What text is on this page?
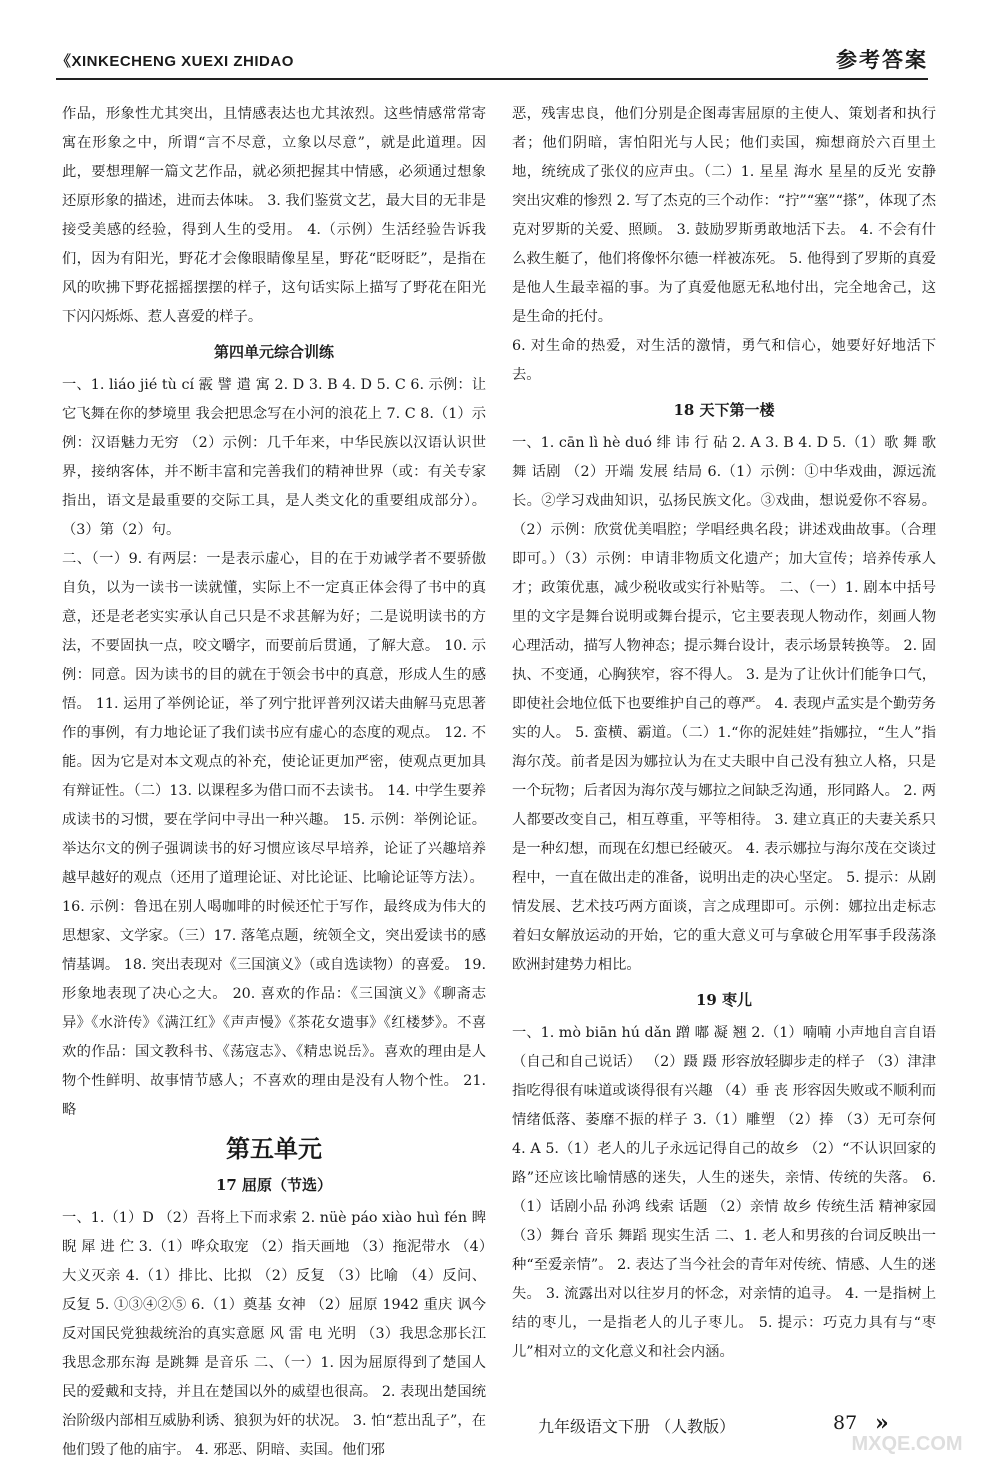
《XINKECHENG XUEXI ZHIDAO	参考答案

作品，形象性尤其突出，且情感表达也尤其浓烈。这些情感常常寄寓在形象之中，所谓“言不尽意，立象以尽意”，就是此道理。因此，要想理解一篇文艺作品，就必须把握其中情感，必须通过想象还原形象的描述，进而去体味。 3. 我们鉴赏文艺，最大目的无非是接受美感的经验，得到人生的受用。 4.（示例）生活经验告诉我们，因为有阳光，野花才会像眼睛像星星，野花“眨呀眨”，是指在风的吹拂下野花摇摇摆摆的样子，这句话实际上描写了野花在阳光下闪闪烁烁、惹人喜爱的样子。

第四单元综合训练

一、1. liáo jié tù cí 霰 譬 遣 寓 2. D 3. B 4. D 5. C 6. 示例：让它飞舞在你的梦境里 我会把思念写在小河的浪花上 7. C 8.（1）示例：汉语魅力无穷 （2）示例：几千年来，中华民族以汉语认识世界，接纳客体，并不断丰富和完善我们的精神世界（或：有关专家指出，语文是最重要的交际工具，是人类文化的重要组成部分）。（3）第（2）句。

二、（一）9. 有两层：一是表示虚心，目的在于劝诫学者不要骄傲自负，以为一读书一读就懂，实际上不一定真正体会得了书中的真意，还是老老实实承认自己只是不求甚解为好；二是说明读书的方法，不要固执一点，咬文嚼字，而要前后贯通，了解大意。 10. 示例：同意。因为读书的目的就在于领会书中的真意，形成人生的感悟。 11. 运用了举例论证，举了列宁批评普列汉诺夫曲解马克思著作的事例，有力地论证了我们读书应有虚心的态度的观点。 12. 不能。因为它是对本文观点的补充，使论证更加严密，使观点更加具有辩证性。（二）13. 以课程多为借口而不去读书。 14. 中学生要养成读书的习惯，要在学问中寻出一种兴趣。 15. 示例：举例论证。举达尔文的例子强调读书的好习惯应该尽早培养，论证了兴趣培养越早越好的观点（还用了道理论证、对比论证、比喻论证等方法）。

16. 示例：鲁迅在别人喝咖啡的时候还忙于写作，最终成为伟大的思想家、文学家。（三）17. 落笔点题，统领全文，突出爱读书的感情基调。 18. 突出表现对《三国演义》（或自选读物）的喜爱。 19. 形象地表现了决心之大。 20. 喜欢的作品：《三国演义》《聊斋志异》《水浒传》《满江红》《声声慢》《茶花女遗事》《红楼梦》。不喜欢的作品：国文教科书、《荡寇志》、《精忠说岳》。喜欢的理由是人物个性鲜明、故事情节感人；不喜欢的理由是没有人物个性。 21. 略

第五单元
17 屈原（节选）

一、1.（1）D （2）吾将上下而求索 2. nüè páo xiào huì fén 睥睨 犀 进 伫 3.（1）哗众取宠 （2）指天画地 （3）拖泥带水 （4）大义灭亲 4.（1）排比、比拟 （2）反复 （3）比喻 （4）反问、反复 5. ①③④②⑤ 6.（1）奠基 女神 （2）屈原 1942 重庆 讽今 反对国民党独裁统治的真实意愿 风 雷 电 光明 （3）我思念那长江 我思念那东海 是跳舞 是音乐 二、（一）1. 因为屈原得到了楚国人民的爱戴和支持，并且在楚国以外的威望也很高。 2. 表现出楚国统治阶级内部相互威胁利诱、狼狈为奸的状况。 3. 怕“惹出乱子”，在他们毁了他的庙宇。 4. 邪恶、阴暗、卖国。他们邪

恶，残害忠良，他们分别是企图毒害屈原的主使人、策划者和执行者；他们阴暗，害怕阳光与人民；他们卖国，痴想商於六百里土地，统统成了张仪的应声虫。（二）1. 星星 海水 星星的反光 安静 突出灾难的惨烈 2. 写了杰克的三个动作：“拧”“塞”“搽”，体现了杰克对罗斯的关爱、照顾。 3. 鼓励罗斯勇敢地活下去。 4. 不会有什么救生艇了，他们将像怀尔德一样被冻死。 5. 他得到了罗斯的真爱是他人生最幸福的事。为了真爱他愿无私地付出，完全地舍己，这是生命的托付。

6. 对生命的热爱，对生活的激情，勇气和信心，她要好好地活下去。

18 天下第一楼

一、1. cān lì hè duó 绯 讳 行 砧 2. A 3. B 4. D 5.（1）歌 舞 歌舞 话剧 （2）开端 发展 结局 6.（1）示例：①中华戏曲，源远流长。②学习戏曲知识，弘扬民族文化。③戏曲，想说爱你不容易。（2）示例：欣赏优美唱腔；学唱经典名段；讲述戏曲故事。（合理即可。）（3）示例：申请非物质文化遗产；加大宣传；培养传承人才；政策优惠，减少税收或实行补贴等。 二、（一）1. 剧本中括号里的文字是舞台说明或舞台提示，它主要表现人物动作，刻画人物心理活动，描写人物神态；提示舞台设计，表示场景转换等。 2. 固执、不变通，心胸狭窄，容不得人。 3. 是为了让伙计们能争口气，即使社会地位低下也要维护自己的尊严。 4. 表现卢孟实是个勤劳务实的人。 5. 蛮横、霸道。（二）1.“你的泥娃娃”指娜拉，“生人”指海尔茂。前者是因为娜拉认为在丈夫眼中自己没有独立人格，只是一个玩物；后者因为海尔茂与娜拉之间缺乏沟通，形同路人。 2. 两人都要改变自己，相互尊重，平等相待。 3. 建立真正的夫妻关系只是一种幻想，而现在幻想已经破灭。 4. 表示娜拉与海尔茂在交谈过程中，一直在做出走的准备，说明出走的决心坚定。 5. 提示：从剧情发展、艺术技巧两方面谈，言之成理即可。示例：娜拉出走标志着妇女解放运动的开始，它的重大意义可与拿破仑用军事手段荡涤欧洲封建势力相比。

19 枣儿

一、1. mò biān hú dǎn 蹭 嘟 凝 翘 2.（1）喃喃 小声地自言自语（自己和自己说话） （2）蹑 蹑 形容放轻脚步走的样子 （3）津津 指吃得很有味道或谈得很有兴趣 （4）垂 丧 形容因失败或不顺利而情绪低落、萎靡不振的样子 3.（1）雕塑 （2）捧 （3）无可奈何 4. A 5.（1）老人的儿子永远记得自己的故乡 （2）“不认识回家的路”还应该比喻情感的迷失，人生的迷失，亲情、传统的失落。 6.（1）话剧小品 孙鸿 线索 话题 （2）亲情 故乡 传统生活 精神家园 （3）舞台 音乐 舞蹈 现实生活 二、1. 老人和男孩的台词反映出一种“至爱亲情”。 2. 表达了当今社会的青年对传统、情感、人生的迷失。 3. 流露出对以往岁月的怀念，对亲情的追寻。 4. 一是指树上结的枣儿，一是指老人的儿子枣儿。 5. 提示：巧克力具有与“枣儿”相对立的文化意义和社会内涵。

九年级语文下册 （人教版）	87 »
MXQE.COM
